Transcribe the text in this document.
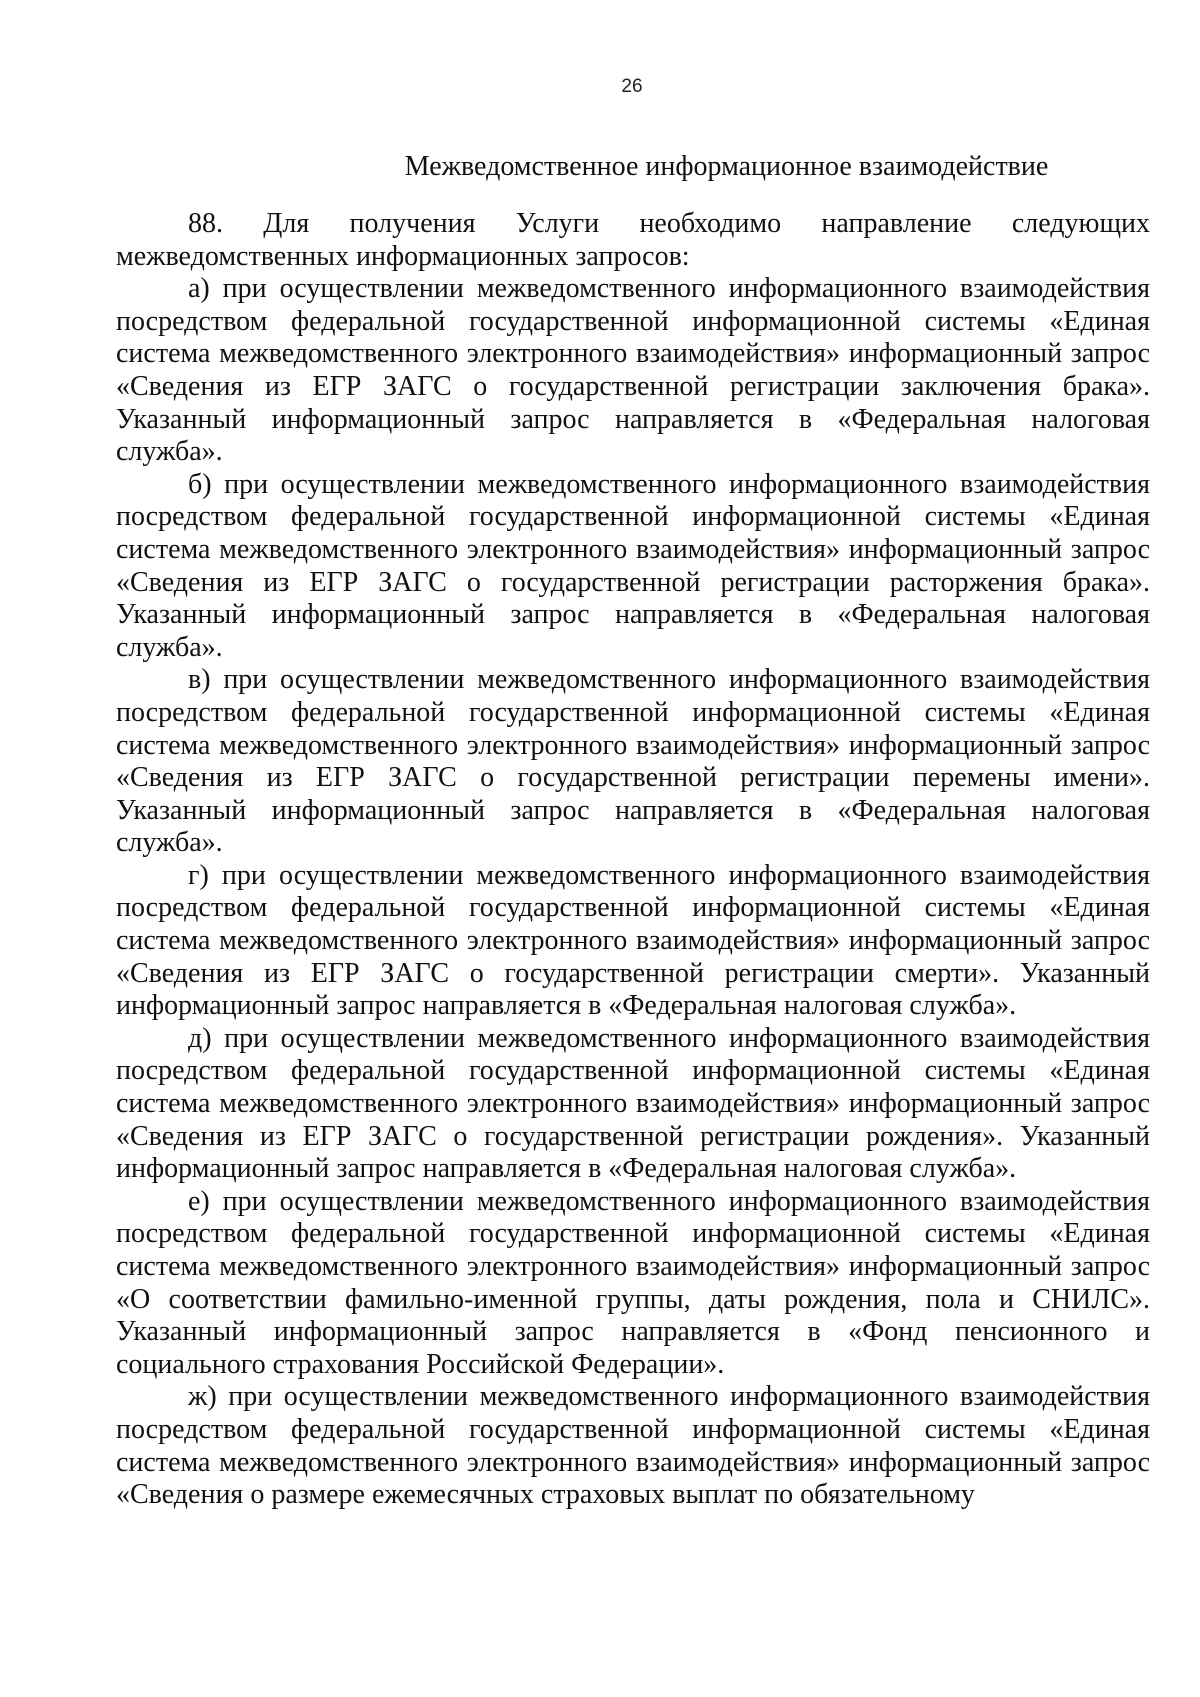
26
Межведомственное информационное взаимодействие

88. Для получения Услуги необходимо направление следующих межведомственных информационных запросов:

а) при осуществлении межведомственного информационного взаимодействия посредством федеральной государственной информационной системы «Единая система межведомственного электронного взаимодействия» информационный запрос «Сведения из ЕГР ЗАГС о государственной регистрации заключения брака». Указанный информационный запрос направляется в «Федеральная налоговая служба».

б) при осуществлении межведомственного информационного взаимодействия посредством федеральной государственной информационной системы «Единая система межведомственного электронного взаимодействия» информационный запрос «Сведения из ЕГР ЗАГС о государственной регистрации расторжения брака». Указанный информационный запрос направляется в «Федеральная налоговая служба».

в) при осуществлении межведомственного информационного взаимодействия посредством федеральной государственной информационной системы «Единая система межведомственного электронного взаимодействия» информационный запрос «Сведения из ЕГР ЗАГС о государственной регистрации перемены имени». Указанный информационный запрос направляется в «Федеральная налоговая служба».

г) при осуществлении межведомственного информационного взаимодействия посредством федеральной государственной информационной системы «Единая система межведомственного электронного взаимодействия» информационный запрос «Сведения из ЕГР ЗАГС о государственной регистрации смерти». Указанный информационный запрос направляется в «Федеральная налоговая служба».

д) при осуществлении межведомственного информационного взаимодействия посредством федеральной государственной информационной системы «Единая система межведомственного электронного взаимодействия» информационный запрос «Сведения из ЕГР ЗАГС о государственной регистрации рождения». Указанный информационный запрос направляется в «Федеральная налоговая служба».

е) при осуществлении межведомственного информационного взаимодействия посредством федеральной государственной информационной системы «Единая система межведомственного электронного взаимодействия» информационный запрос «О соответствии фамильно-именной группы, даты рождения, пола и СНИЛС». Указанный информационный запрос направляется в «Фонд пенсионного и социального страхования Российской Федерации».

ж) при осуществлении межведомственного информационного взаимодействия посредством федеральной государственной информационной системы «Единая система межведомственного электронного взаимодействия» информационный запрос «Сведения о размере ежемесячных страховых выплат по обязательному
